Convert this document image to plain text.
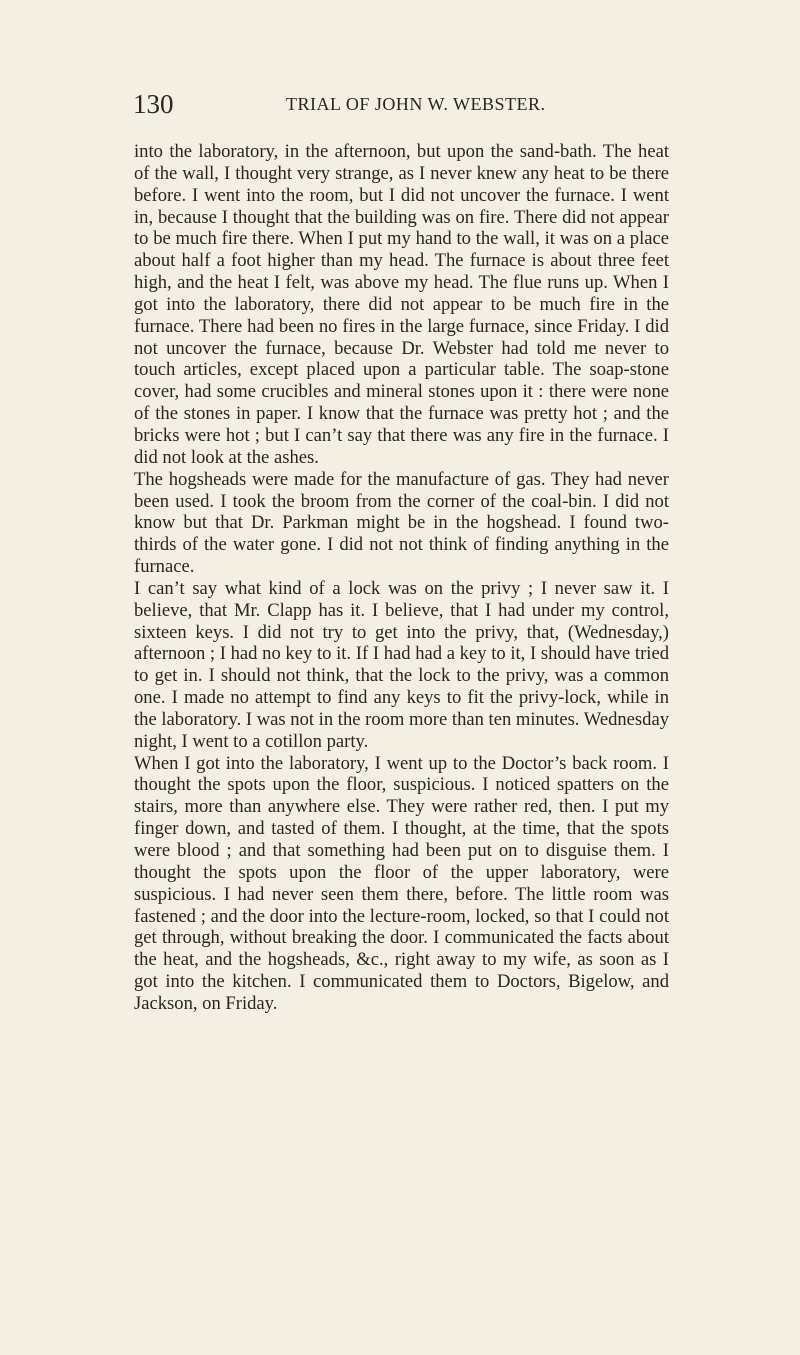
130	TRIAL OF JOHN W. WEBSTER.

into the laboratory, in the afternoon, but upon the sand-bath. The heat of the wall, I thought very strange, as I never knew any heat to be there before. I went into the room, but I did not uncover the furnace. I went in, because I thought that the building was on fire. There did not appear to be much fire there. When I put my hand to the wall, it was on a place about half a foot higher than my head. The furnace is about three feet high, and the heat I felt, was above my head. The flue runs up. When I got into the laboratory, there did not appear to be much fire in the furnace. There had been no fires in the large furnace, since Friday. I did not uncover the furnace, because Dr. Webster had told me never to touch articles, except placed upon a particular table. The soap-stone cover, had some crucibles and mineral stones upon it : there were none of the stones in paper. I know that the furnace was pretty hot ; and the bricks were hot ; but I can’t say that there was any fire in the furnace. I did not look at the ashes.

The hogsheads were made for the manufacture of gas. They had never been used. I took the broom from the corner of the coal-bin. I did not know but that Dr. Parkman might be in the hogshead. I found two-thirds of the water gone. I did not not think of finding anything in the furnace.

I can’t say what kind of a lock was on the privy ; I never saw it. I believe, that Mr. Clapp has it. I believe, that I had under my control, sixteen keys. I did not try to get into the privy, that, (Wednesday,) afternoon ; I had no key to it. If I had had a key to it, I should have tried to get in. I should not think, that the lock to the privy, was a common one. I made no attempt to find any keys to fit the privy-lock, while in the laboratory. I was not in the room more than ten minutes. Wednesday night, I went to a cotillon party.

When I got into the laboratory, I went up to the Doctor’s back room. I thought the spots upon the floor, suspicious. I noticed spatters on the stairs, more than anywhere else. They were rather red, then. I put my finger down, and tasted of them. I thought, at the time, that the spots were blood ; and that something had been put on to disguise them. I thought the spots upon the floor of the upper laboratory, were suspicious. I had never seen them there, before. The little room was fastened ; and the door into the lecture-room, locked, so that I could not get through, without breaking the door. I communicated the facts about the heat, and the hogsheads, &c., right away to my wife, as soon as I got into the kitchen. I communicated them to Doctors, Bigelow, and Jackson, on Friday.
